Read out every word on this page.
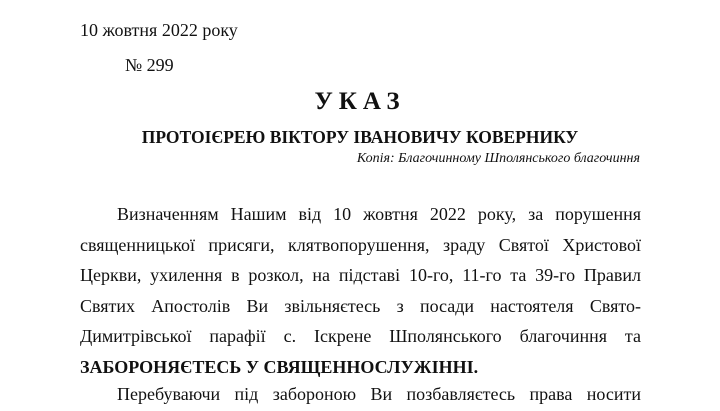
10 жовтня 2022 року
№ 299
УКАЗ
ПРОТОІЄРЕЮ ВІКТОРУ ІВАНОВИЧУ КОВЕРНИКУ
Копія: Благочинному Шполянського благочиння
Визначенням Нашим від 10 жовтня 2022 року, за порушення
священницької присяги, клятвопорушення, зраду Святої Христової
Церкви, ухилення в розкол, на підставі 10-го, 11-го та 39-го Правил
Святих Апостолів Ви звільняєтесь з посади настоятеля Свято-
Димитрівської парафії с. Іскрене Шполянського благочиння та
ЗАБОРОНЯЄТЕСЬ У СВЯЩЕННОСЛУЖІННІ.
Перебуваючи під забороною Ви позбавляєтесь права носити
